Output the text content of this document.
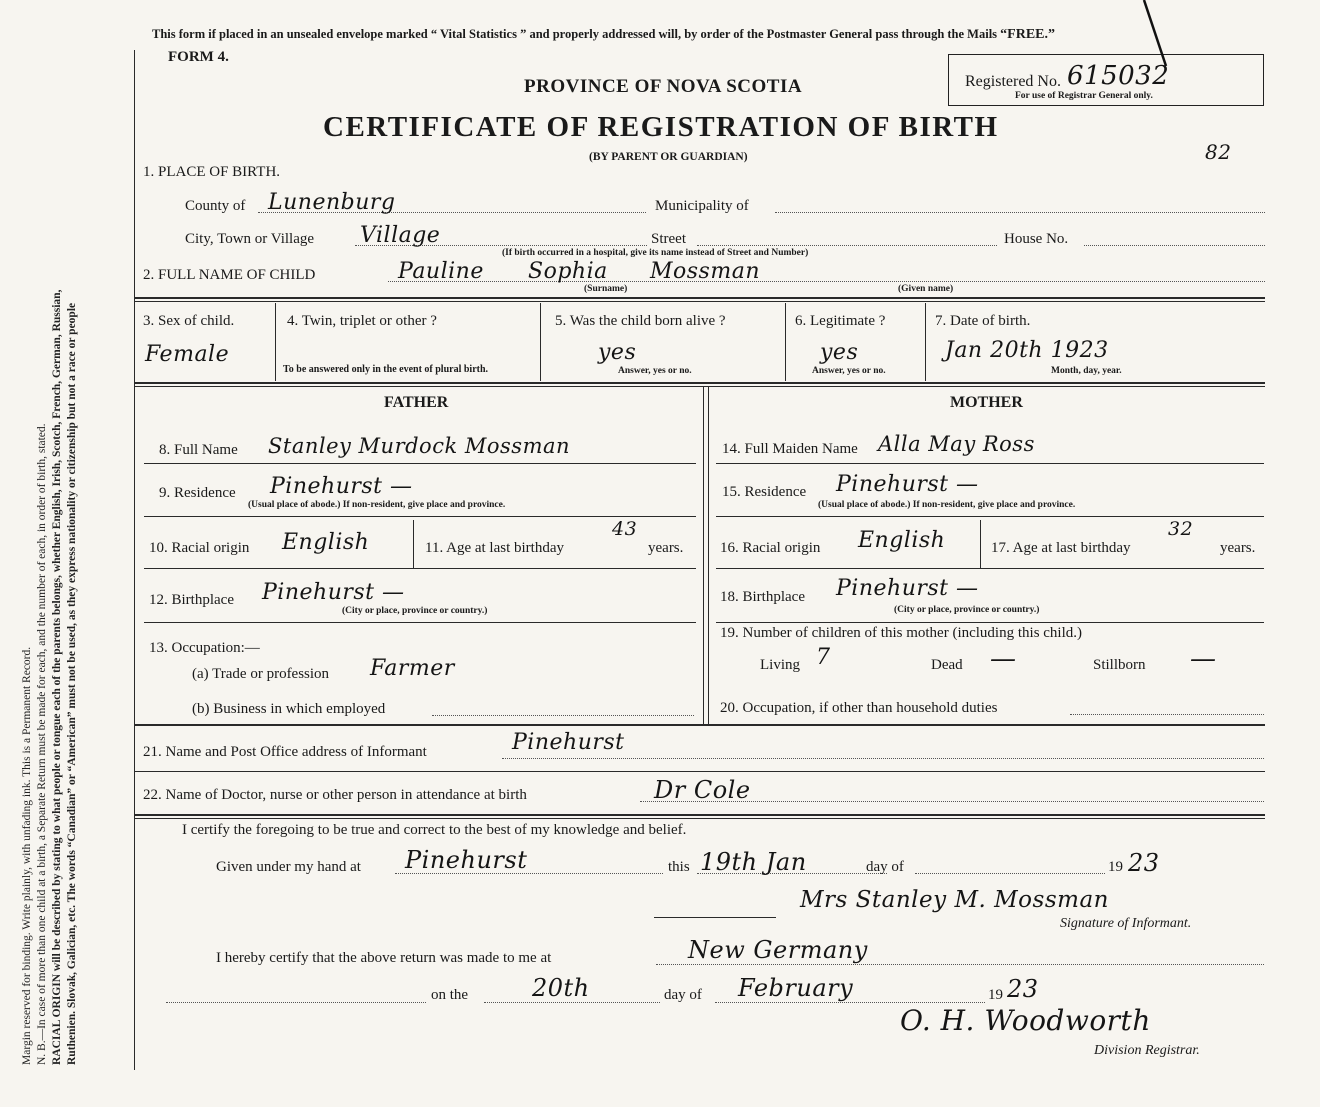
Margin reserved for binding. Write plainly, with unfading ink. This is a Permanent Record. N. B.—In case of more than one child at a birth, a Separate Return must be made for each, and the number of each, in order of birth, stated. RACIAL ORIGIN will be described by stating to what people or tongue each of the parents belongs, whether English, Irish, Scotch, French, German, Russian, Ruthenien. Slovak, Galician, etc. The words “Canadian” or “American” must not be used, as they express nationality or citizenship but not a race or people
This form if placed in an unsealed envelope marked “ Vital Statistics ” and properly addressed will, by order of the Postmaster General pass through the Mails “FREE.”
FORM 4.
PROVINCE OF NOVA SCOTIA
CERTIFICATE OF REGISTRATION OF BIRTH
(BY PARENT OR GUARDIAN)
Registered No. 615032
For use of Registrar General only.
82
1. PLACE OF BIRTH.
County of Lunenburg	Municipality of
City, Town or Village Village	Street	House No.
(If birth occurred in a hospital, give its name instead of Street and Number)
2. FULL NAME OF CHILD	Pauline Sophia Mossman
(Surname)	(Given name)
3. Sex of child.
Female
4. Twin, triplet or other ?
To be answered only in the event of plural birth.
5. Was the child born alive ?
yes
Answer, yes or no.
6. Legitimate ?
yes
Answer, yes or no.
7. Date of birth.
Jan 20th 1923
Month, day, year.
FATHER	MOTHER
8. Full Name Stanley Murdock Mossman
9. Residence Pinehurst —
(Usual place of abode.) If non-resident, give place and province.
10. Racial origin English	11. Age at last birthday
43
years.
12. Birthplace Pinehurst —
(City or place, province or country.)
13. Occupation:—
(a) Trade or profession Farmer
(b) Business in which employed
14. Full Maiden Name Alla May Ross
15. Residence Pinehurst —
(Usual place of abode.) If non-resident, give place and province.
16. Racial origin English	17. Age at last birthday
32
years.
18. Birthplace Pinehurst —
(City or place, province or country.)
19. Number of children of this mother (including this child.)
Living 7	Dead —	Stillborn —
20. Occupation, if other than household duties
21. Name and Post Office address of Informant	Pinehurst
22. Name of Doctor, nurse or other person in attendance at birth	Dr Cole
I certify the foregoing to be true and correct to the best of my knowledge and belief.
Given under my hand at Pinehurst	this 19th Jan	day of	19 23
Mrs Stanley M. Mossman
Signature of Informant.
I hereby certify that the above return was made to me at	New Germany
on the	20th	day of February	19 23
O. H. Woodworth
Division Registrar.
